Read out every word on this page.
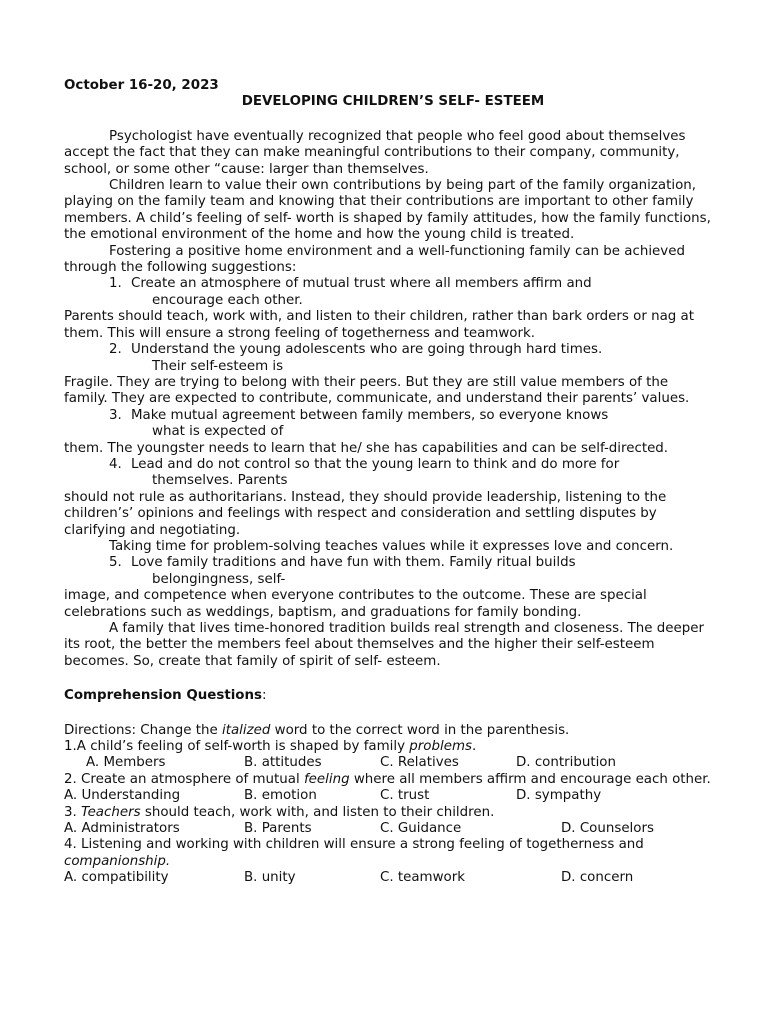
October 16-20, 2023
DEVELOPING CHILDREN’S SELF- ESTEEM
Psychologist have eventually recognized that people who feel good about themselves accept the fact that they can make meaningful contributions to their company, community, school, or some other “cause: larger than themselves.
Children learn to value their own contributions by being part of the family organization, playing on the family team and knowing that their contributions are important to other family members. A child’s feeling of self- worth is shaped by family attitudes, how the family functions, the emotional environment of the home and how the young child is treated.
Fostering a positive home environment and a well-functioning family can be achieved through the following suggestions:
1. Create an atmosphere of mutual trust where all members affirm and
encourage each other.
Parents should teach, work with, and listen to their children, rather than bark orders or nag at them. This will ensure a strong feeling of togetherness and teamwork.
2. Understand the young adolescents who are going through hard times.
Their self-esteem is
Fragile. They are trying to belong with their peers. But they are still value members of the family. They are expected to contribute, communicate, and understand their parents’ values.
3. Make mutual agreement between family members, so everyone knows
what is expected of
them. The youngster needs to learn that he/ she has capabilities and can be self-directed.
4. Lead and do not control so that the young learn to think and do more for
themselves. Parents
should not rule as authoritarians. Instead, they should provide leadership, listening to the children’s’ opinions and feelings with respect and consideration and settling disputes by clarifying and negotiating.
Taking time for problem-solving teaches values while it expresses love and concern.
5. Love family traditions and have fun with them. Family ritual builds
belongingness, self-
image, and competence when everyone contributes to the outcome. These are special celebrations such as weddings, baptism, and graduations for family bonding.
A family that lives time-honored tradition builds real strength and closeness. The deeper its root, the better the members feel about themselves and the higher their self-esteem becomes. So, create that family of spirit of self- esteem.
Comprehension Questions:
Directions: Change the italized word to the correct word in the parenthesis.
1.A child’s feeling of self-worth is shaped by family problems.
A. Members	B. attitudes	C. Relatives	D. contribution
2. Create an atmosphere of mutual feeling where all members affirm and encourage each other.
A. Understanding	B. emotion	C. trust	D. sympathy
3. Teachers should teach, work with, and listen to their children.
A. Administrators	B. Parents	C. Guidance	D. Counselors
4. Listening and working with children will ensure a strong feeling of togetherness and companionship.
A. compatibility	B. unity	C. teamwork	D. concern
